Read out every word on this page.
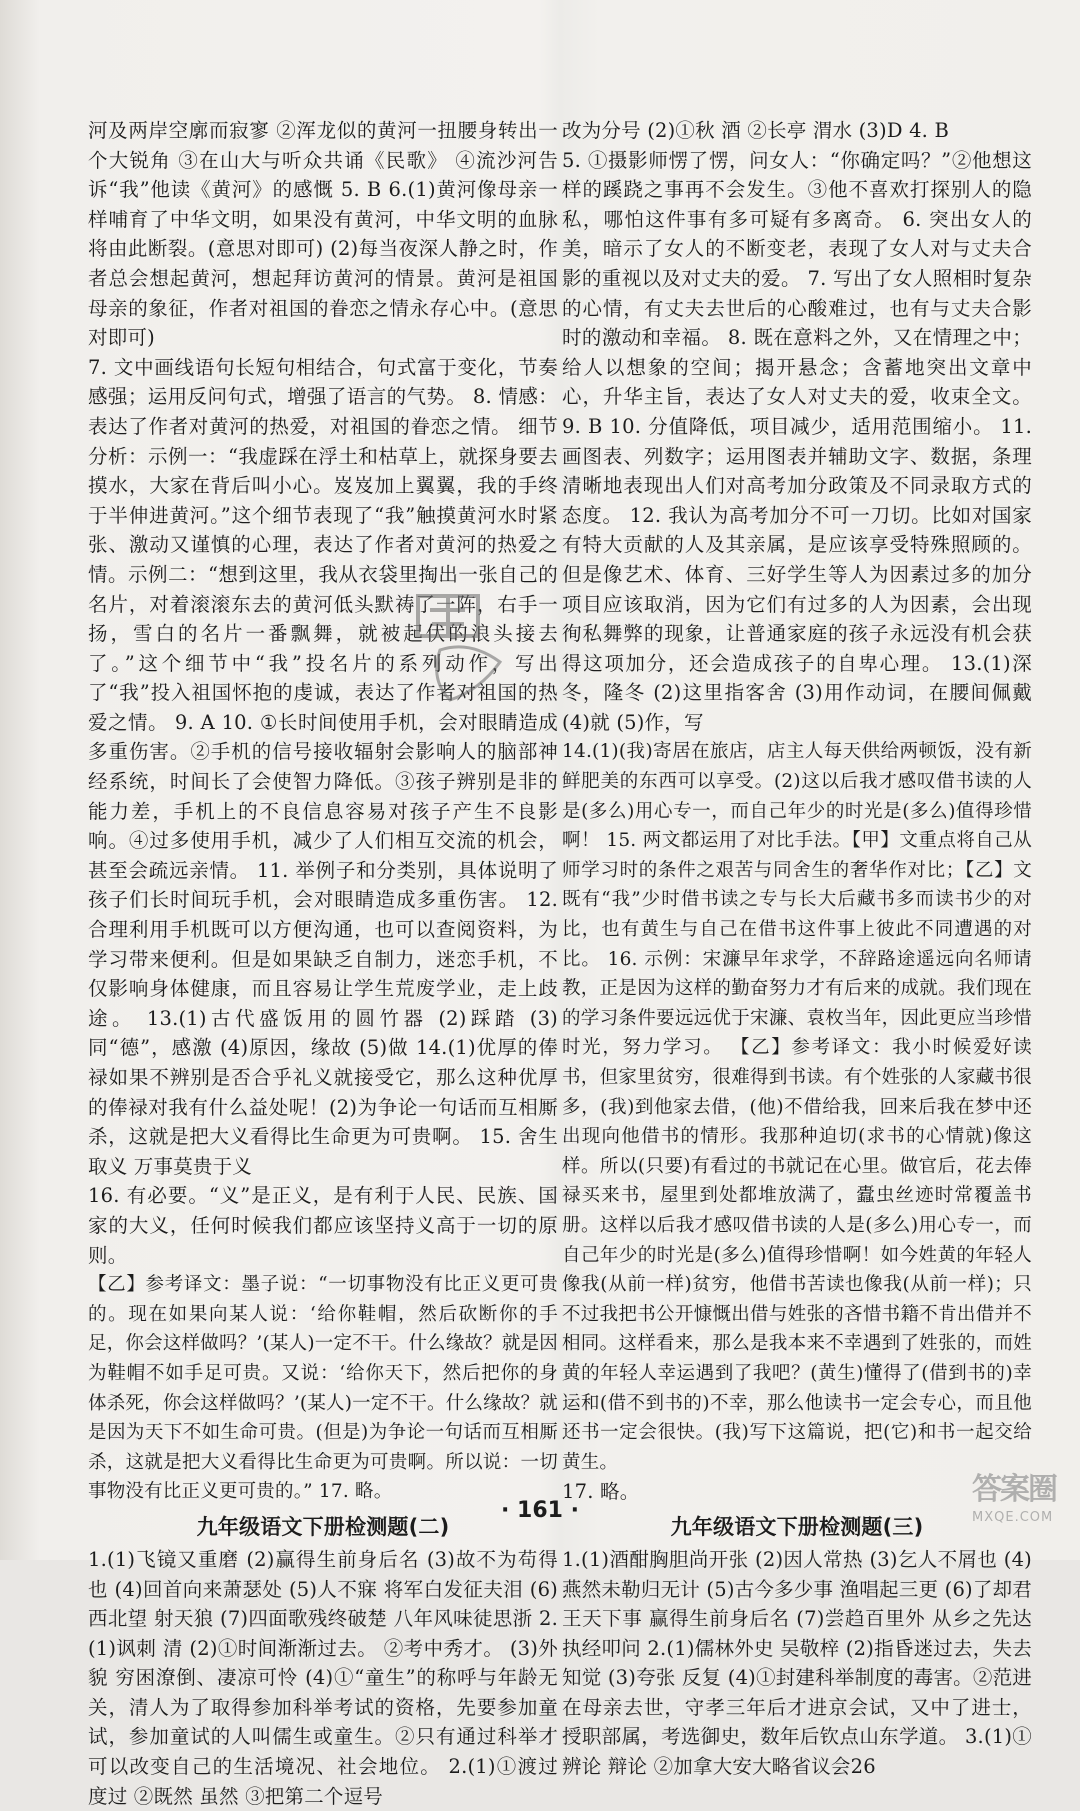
河及两岸空廓而寂寥 ②浑龙似的黄河一扭腰身转出一个大锐角 ③在山大与听众共诵《民歌》 ④流沙河告诉“我”他读《黄河》的感慨 5. B 6.(1)黄河像母亲一样哺育了中华文明，如果没有黄河，中华文明的血脉将由此断裂。(意思对即可) (2)每当夜深人静之时，作者总会想起黄河，想起拜访黄河的情景。黄河是祖国母亲的象征，作者对祖国的眷恋之情永存心中。(意思对即可)

7. 文中画线语句长短句相结合，句式富于变化，节奏感强；运用反问句式，增强了语言的气势。 8. 情感：表达了作者对黄河的热爱，对祖国的眷恋之情。 细节分析：示例一：“我虚踩在浮土和枯草上，就探身要去摸水，大家在背后叫小心。岌岌加上翼翼，我的手终于半伸进黄河。”这个细节表现了“我”触摸黄河水时紧张、激动又谨慎的心理，表达了作者对黄河的热爱之情。示例二：“想到这里，我从衣袋里掏出一张自己的名片，对着滚滚东去的黄河低头默祷了一阵，右手一扬，雪白的名片一番飘舞，就被起伏的浪头接去了。”这个细节中“我”投名片的系列动作，写出了“我”投入祖国怀抱的虔诚，表达了作者对祖国的热爱之情。 9. A 10. ①长时间使用手机，会对眼睛造成多重伤害。②手机的信号接收辐射会影响人的脑部神经系统，时间长了会使智力降低。③孩子辨别是非的能力差，手机上的不良信息容易对孩子产生不良影响。④过多使用手机，减少了人们相互交流的机会，甚至会疏远亲情。 11. 举例子和分类别，具体说明了孩子们长时间玩手机，会对眼睛造成多重伤害。 12. 合理利用手机既可以方便沟通，也可以查阅资料，为学习带来便利。但是如果缺乏自制力，迷恋手机，不仅影响身体健康，而且容易让学生荒废学业，走上歧途。 13.(1)古代盛饭用的圆竹器 (2)踩踏 (3)同“德”，感激 (4)原因，缘故 (5)做 14.(1)优厚的俸禄如果不辨别是否合乎礼义就接受它，那么这种优厚的俸禄对我有什么益处呢！(2)为争论一句话而互相厮杀，这就是把大义看得比生命更为可贵啊。 15. 舍生取义 万事莫贵于义

16. 有必要。“义”是正义，是有利于人民、民族、国家的大义，任何时候我们都应该坚持义高于一切的原则。

【乙】参考译文：墨子说：“一切事物没有比正义更可贵的。现在如果向某人说：‘给你鞋帽，然后砍断你的手足，你会这样做吗？’(某人)一定不干。什么缘故？就是因为鞋帽不如手足可贵。又说：‘给你天下，然后把你的身体杀死，你会这样做吗？’(某人)一定不干。什么缘故？就是因为天下不如生命可贵。(但是)为争论一句话而互相厮杀，这就是把大义看得比生命更为可贵啊。所以说：一切事物没有比正义更可贵的。” 17. 略。

九年级语文下册检测题(二)

1.(1)飞镜又重磨 (2)赢得生前身后名 (3)故不为苟得也 (4)回首向来萧瑟处 (5)人不寐 将军白发征夫泪 (6)西北望 射天狼 (7)四面歌残终破楚 八年风味徒思浙 2.(1)讽刺 清 (2)①时间渐渐过去。 ②考中秀才。 (3)外貌 穷困潦倒、凄凉可怜 (4)①“童生”的称呼与年龄无关，清人为了取得参加科举考试的资格，先要参加童试，参加童试的人叫儒生或童生。②只有通过科举才可以改变自己的生活境况、社会地位。 2.(1)①渡过 度过 ②既然 虽然 ③把第二个逗号

改为分号 (2)①秋 酒 ②长亭 渭水 (3)D 4. B

5. ①摄影师愣了愣，问女人：“你确定吗？”②他想这样的蹊跷之事再不会发生。③他不喜欢打探别人的隐私，哪怕这件事有多可疑有多离奇。 6. 突出女人的美，暗示了女人的不断变老，表现了女人对与丈夫合影的重视以及对丈夫的爱。 7. 写出了女人照相时复杂的心情，有丈夫去世后的心酸难过，也有与丈夫合影时的激动和幸福。 8. 既在意料之外，又在情理之中；给人以想象的空间；揭开悬念；含蓄地突出文章中心，升华主旨，表达了女人对丈夫的爱，收束全文。 9. B 10. 分值降低，项目减少，适用范围缩小。 11. 画图表、列数字；运用图表并辅助文字、数据，条理清晰地表现出人们对高考加分政策及不同录取方式的态度。 12. 我认为高考加分不可一刀切。比如对国家有特大贡献的人及其亲属，是应该享受特殊照顾的。但是像艺术、体育、三好学生等人为因素过多的加分项目应该取消，因为它们有过多的人为因素，会出现徇私舞弊的现象，让普通家庭的孩子永远没有机会获得这项加分，还会造成孩子的自卑心理。 13.(1)深冬，隆冬 (2)这里指客舍 (3)用作动词，在腰间佩戴 (4)就 (5)作，写

14.(1)(我)寄居在旅店，店主人每天供给两顿饭，没有新鲜肥美的东西可以享受。(2)这以后我才感叹借书读的人是(多么)用心专一，而自己年少的时光是(多么)值得珍惜啊！ 15. 两文都运用了对比手法。【甲】文重点将自己从师学习时的条件之艰苦与同舍生的奢华作对比；【乙】文既有“我”少时借书读之专与长大后藏书多而读书少的对比，也有黄生与自己在借书这件事上彼此不同遭遇的对比。 16. 示例：宋濂早年求学，不辞路途遥远向名师请教，正是因为这样的勤奋努力才有后来的成就。我们现在的学习条件要远远优于宋濂、袁枚当年，因此更应当珍惜时光，努力学习。 【乙】参考译文：我小时候爱好读书，但家里贫穷，很难得到书读。有个姓张的人家藏书很多，(我)到他家去借，(他)不借给我，回来后我在梦中还出现向他借书的情形。我那种迫切(求书的心情就)像这样。所以(只要)有看过的书就记在心里。做官后，花去俸禄买来书，屋里到处都堆放满了，蠹虫丝迹时常覆盖书册。这样以后我才感叹借书读的人是(多么)用心专一，而自己年少的时光是(多么)值得珍惜啊！如今姓黄的年轻人像我(从前一样)贫穷，他借书苦读也像我(从前一样)；只不过我把书公开慷慨出借与姓张的吝惜书籍不肯出借并不相同。这样看来，那么是我本来不幸遇到了姓张的，而姓黄的年轻人幸运遇到了我吧？(黄生)懂得了(借到书的)幸运和(借不到书的)不幸，那么他读书一定会专心，而且他还书一定会很快。(我)写下这篇说，把(它)和书一起交给黄生。

17. 略。

九年级语文下册检测题(三)

1.(1)酒酣胸胆尚开张 (2)因人常热 (3)乞人不屑也 (4)燕然未勒归无计 (5)古今多少事 渔唱起三更 (6)了却君王天下事 赢得生前身后名 (7)尝趋百里外 从乡之先达执经叩问 2.(1)儒林外史 吴敬梓 (2)指昏迷过去，失去知觉 (3)夸张 反复 (4)①封建科举制度的毒害。②范进在母亲去世，守孝三年后才进京会试，又中了进士，授职部属，考选御史，数年后钦点山东学道。 3.(1)①辨论 辩论 ②加拿大安大略省议会26

· 161 ·
答案圈
MXQE.COM
